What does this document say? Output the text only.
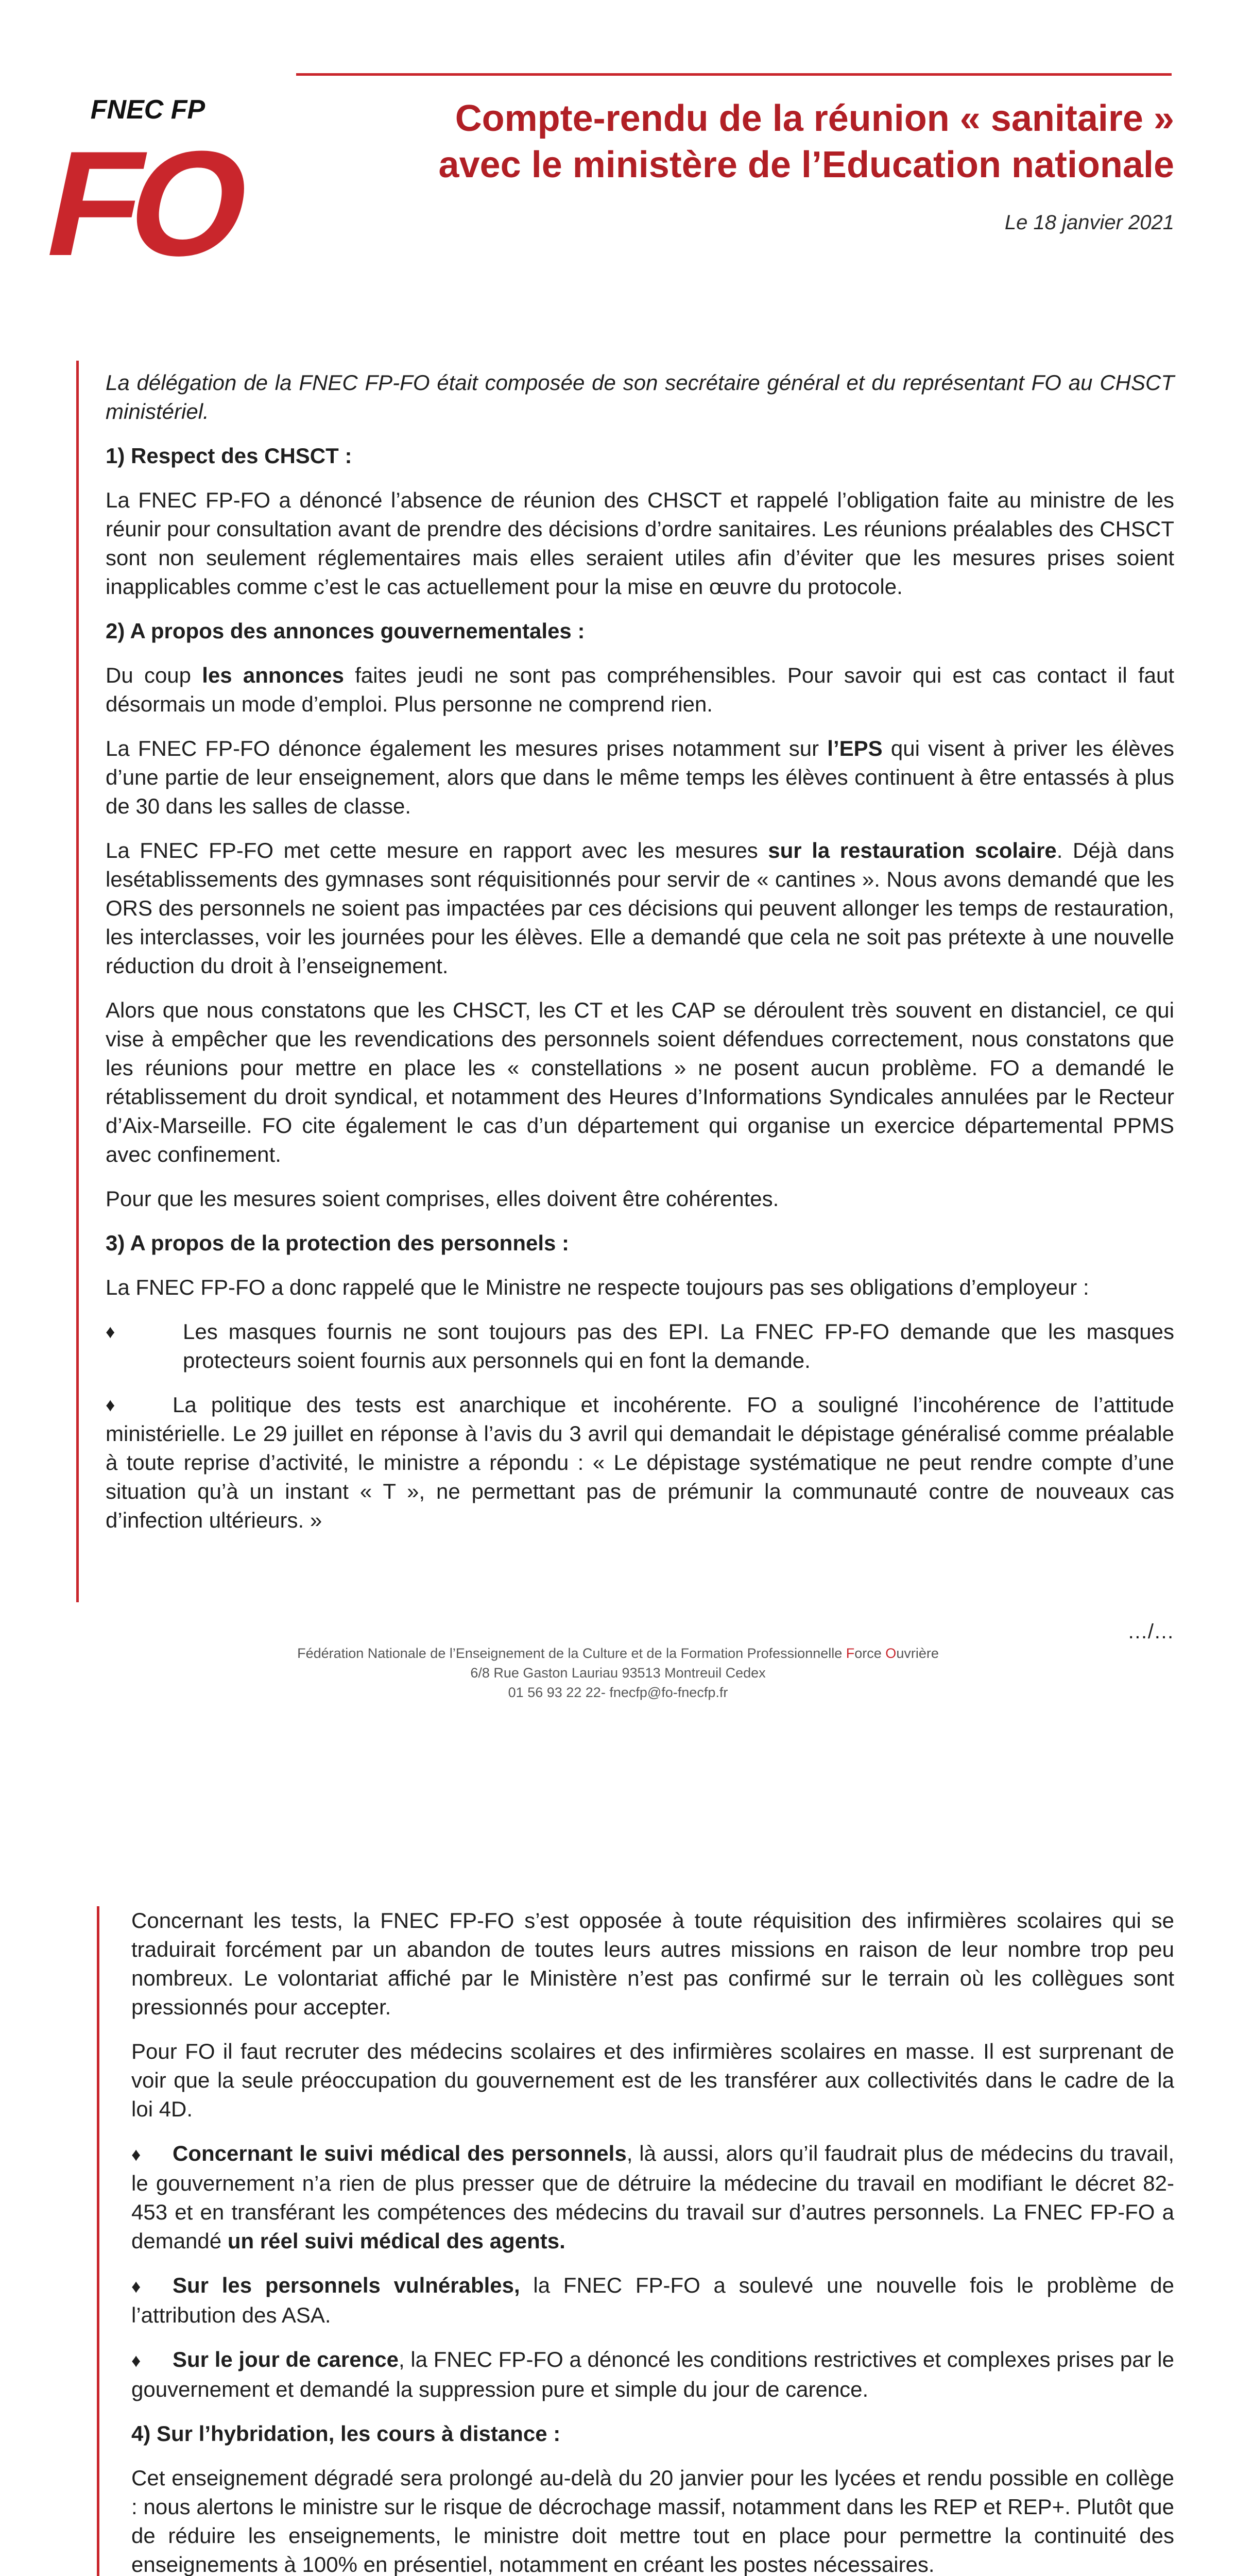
FNEC FP
FO
Compte-rendu de la réunion « sanitaire »
avec le ministère de l’Education nationale
Le 18 janvier 2021

La délégation de la FNEC FP-FO était composée de son secrétaire général et du représentant FO au CHSCT ministériel.

1) Respect des CHSCT :

La FNEC FP-FO a dénoncé l’absence de réunion des CHSCT et rappelé l’obligation faite au ministre de les réunir pour consultation avant de prendre des décisions d’ordre sanitaires. Les réunions préalables des CHSCT sont non seulement réglementaires mais elles seraient utiles afin d’éviter que les mesures prises soient inapplicables comme c’est le cas actuellement pour la mise en œuvre du protocole.

2) A propos des annonces gouvernementales :

Du coup les annonces faites jeudi ne sont pas compréhensibles. Pour savoir qui est cas contact il faut désormais un mode d’emploi. Plus personne ne comprend rien.

La FNEC FP-FO dénonce également les mesures prises notamment sur l’EPS qui visent à priver les élèves d’une partie de leur enseignement, alors que dans le même temps les élèves continuent à être entassés à plus de 30 dans les salles de classe.

La FNEC FP-FO met cette mesure en rapport avec les mesures sur la restauration scolaire. Déjà dans lesétablissements des gymnases sont réquisitionnés pour servir de « cantines ». Nous avons demandé que les ORS des personnels ne soient pas impactées par ces décisions qui peuvent allonger les temps de restauration, les interclasses, voir les journées pour les élèves. Elle a demandé que cela ne soit pas prétexte à une nouvelle réduction du droit à l’enseignement.

Alors que nous constatons que les CHSCT, les CT et les CAP se déroulent très souvent en distanciel, ce qui vise à empêcher que les revendications des personnels soient défendues correctement, nous constatons que les réunions pour mettre en place les « constellations » ne posent aucun problème. FO a demandé le rétablissement du droit syndical, et notamment des Heures d’Informations Syndicales annulées par le Recteur d’Aix-Marseille. FO cite également le cas d’un département qui organise un exercice départemental PPMS avec confinement.

Pour que les mesures soient comprises, elles doivent être cohérentes.

3) A propos de la protection des personnels :

La FNEC FP-FO a donc rappelé que le Ministre ne respecte toujours pas ses obligations d’employeur :

♦	Les masques fournis ne sont toujours pas des EPI. La FNEC FP-FO demande que les masques protecteurs soient fournis aux personnels qui en font la demande.

♦	La politique des tests est anarchique et incohérente. FO a souligné l’incohérence de l’attitude ministérielle. Le 29 juillet en réponse à l’avis du 3 avril qui demandait le dépistage généralisé comme préalable à toute reprise d’activité, le ministre a répondu : « Le dépistage systématique ne peut rendre compte d’une situation qu’à un instant « T », ne permettant pas de prémunir la communauté contre de nouveaux cas d’infection ultérieurs. »

…/…
Fédération Nationale de l’Enseignement de la Culture et de la Formation Professionnelle Force Ouvrière
6/8 Rue Gaston Lauriau 93513 Montreuil Cedex
01 56 93 22 22- fnecfp@fo-fnecfp.fr

Concernant les tests, la FNEC FP-FO s’est opposée à toute réquisition des infirmières scolaires qui se traduirait forcément par un abandon de toutes leurs autres missions en raison de leur nombre trop peu nombreux. Le volontariat affiché par le Ministère n’est pas confirmé sur le terrain où les collègues sont pressionnés pour accepter.

Pour FO il faut recruter des médecins scolaires et des infirmières scolaires en masse. Il est surprenant de voir que la seule préoccupation du gouvernement est de les transférer aux collectivités dans le cadre de la loi 4D.

♦ Concernant le suivi médical des personnels, là aussi, alors qu’il faudrait plus de médecins du travail, le gouvernement n’a rien de plus presser que de détruire la médecine du travail en modifiant le décret 82-453 et en transférant les compétences des médecins du travail sur d’autres personnels. La FNEC FP-FO a demandé un réel suivi médical des agents.

♦ Sur les personnels vulnérables, la FNEC FP-FO a soulevé une nouvelle fois le problème de l’attribution des ASA.

♦ Sur le jour de carence, la FNEC FP-FO a dénoncé les conditions restrictives et complexes prises par le gouvernement et demandé la suppression pure et simple du jour de carence.

4) Sur l’hybridation, les cours à distance :

Cet enseignement dégradé sera prolongé au-delà du 20 janvier pour les lycées et rendu possible en collège : nous alertons le ministre sur le risque de décrochage massif, notamment dans les REP et REP+. Plutôt que de réduire les enseignements, le ministre doit mettre tout en place pour permettre la continuité des enseignements à 100% en présentiel, notamment en créant les postes nécessaires.
